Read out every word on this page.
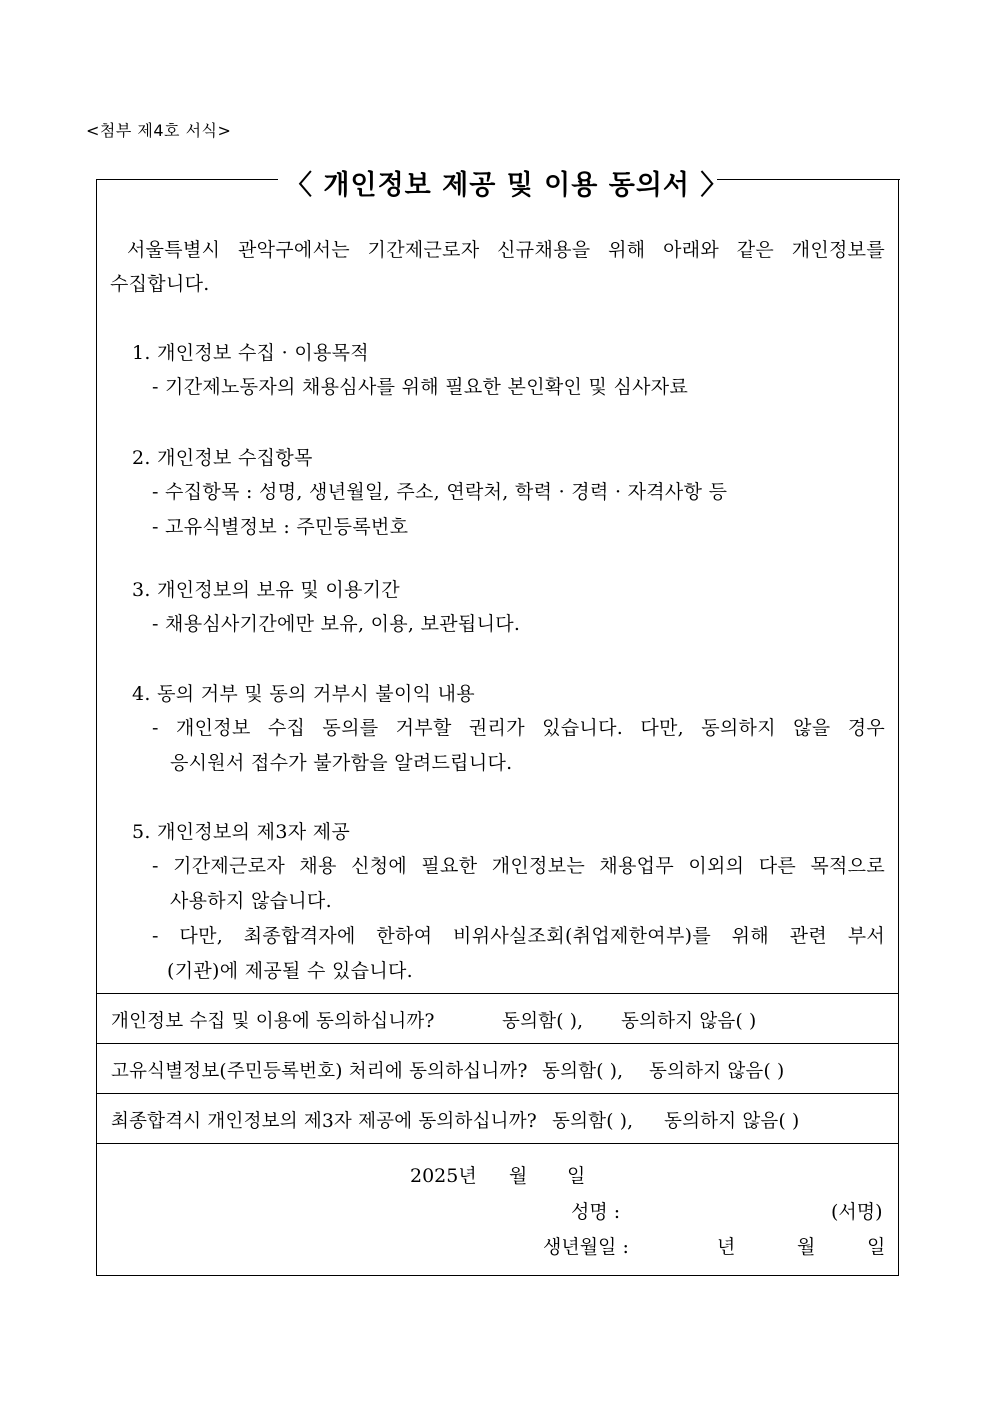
<첨부 제4호 서식>
〈 개인정보 제공 및 이용 동의서 〉
서울특별시 관악구에서는 기간제근로자 신규채용을 위해 아래와 같은 개인정보를
수집합니다.
1. 개인정보 수집 · 이용목적
- 기간제노동자의 채용심사를 위해 필요한 본인확인 및 심사자료
2. 개인정보 수집항목
- 수집항목 : 성명, 생년월일, 주소, 연락처, 학력 · 경력 · 자격사항 등
- 고유식별정보 : 주민등록번호
3. 개인정보의 보유 및 이용기간
- 채용심사기간에만 보유, 이용, 보관됩니다.
4. 동의 거부 및 동의 거부시 불이익 내용
- 개인정보 수집 동의를 거부할 권리가 있습니다. 다만, 동의하지 않을 경우
응시원서 접수가 불가함을 알려드립니다.
5. 개인정보의 제3자 제공
- 기간제근로자 채용 신청에 필요한 개인정보는 채용업무 이외의 다른 목적으로
사용하지 않습니다.
- 다만, 최종합격자에 한하여 비위사실조회(취업제한여부)를 위해 관련 부서
(기관)에 제공될 수 있습니다.
개인정보 수집 및 이용에 동의하십니까?	동의함( ), 동의하지 않음( )
고유식별정보(주민등록번호) 처리에 동의하십니까? 동의함( ), 동의하지 않음( )
최종합격시 개인정보의 제3자 제공에 동의하십니까? 동의함( ), 동의하지 않음( )
2025년 월 일
성명 :	(서명)
생년월일 :	년	월	일
